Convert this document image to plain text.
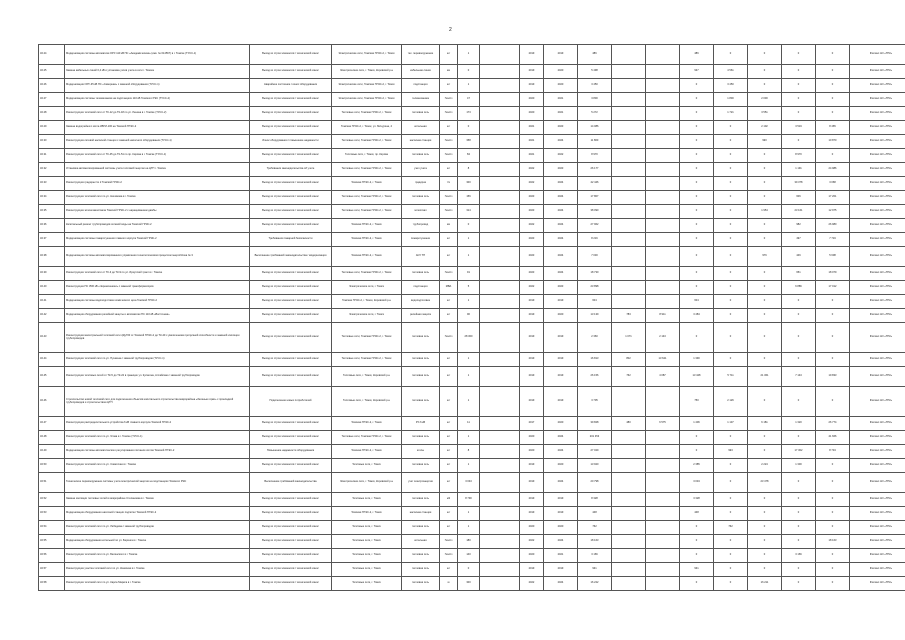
2
32.24	Модернизация системы автоматики ОРУ-110 кВ ПС «Академическая» (инв. № 014567) в г. Томске (ТУСС-1)	Выход из строя элементов / технический износ	Электрические сети, Томская ГРЭС-2, г. Томск	тех. перевооружение	шт	1		2019	2019	486			486	0	0	0	0	Филиал АО «ТРК»
32.25	Замена кабельных линий 0,4 кВ и установка узлов учета в сети г. Томска	Выход из строя элементов / технический износ	Электрические сети, г. Томск, Кировский р-н	кабельная линия	км	0		2019	2020	5 498			937	4 561	0	0	0	Филиал АО «ТРК»
32.26	Модернизация ОРУ-35 кВ ПС «Северная» с заменой оборудования (ТУСС-1)	Аварийное состояние / износ оборудования	Электрические сети, Томская ГРЭС-2, г. Томск	подстанция	шт	1		2019	2020	3 450			0	3 450	0	0	0	Филиал АО «ТРК»
32.27	Модернизация системы телемеханики на подстанциях 110 кВ Томского РЭС (ТУСС-2)	Выход из строя элементов / технический износ	Электрические сети, Томская ГРЭС-2, г. Томск	телемеханика	Гкал/ч	47		2020	2021	3 800			0	1 800	2 000	0	0	Филиал АО «ТРК»
32.28	Реконструкция тепловой сети от ТК-12 до ТК-18 по ул. Ленина в г. Томске (ТУСС-2)	Выход из строя элементов / технический износ	Тепловые сети, Томская ГРЭС-2, г. Томск	тепловая сеть	Гкал/ч	173		2020	2021	5 272			0	1 721	3 551	0	0	Филиал АО «ТРК»
32.29	Замена водогрейного котла КВГМ-100 на Томской ГРЭС-2	Выход из строя элементов / технический износ	Томская ГРЭС-2, г. Томск, ул. Мичурина, 4	котельная	шт	0		2021	2023	14 086			0	0	2 102	3 519	8 465	Филиал АО «ТРК»
32.30	Реконструкция сетевой насосной станции с заменой насосного оборудования (ТУСС-1)	Износ оборудования / повышение надежности	Тепловые сети, Томская ГРЭС-2, г. Томск	насосная станция	Гкал/ч	358		2021	2024	11 860			0	0	990	0	10 870	Филиал АО «ТРК»
32.31	Реконструкция тепловой сети от ТК-45 до ТК-51 по пр. Кирова в г. Томске (ТУСС-1)	Выход из строя элементов / технический износ	Тепловые сети, г. Томск, пр. Кирова	тепловая сеть	Гкал/ч	84		2021	2022	8 970			0	0	0	8 970	0	Филиал АО «ТРК»
32.32	Установка автоматизированной системы учета тепловой энергии на ЦТП г. Томска	Требования законодательства об учете	Тепловые сети, Томская ГРЭС-2, г. Томск	узел учета	шт	8		2022	2023	26 177			0	0	0	1 191	24 986	Филиал АО «ТРК»
32.33	Реконструкция градирни № 2 Томской ГРЭС-2	Выход из строя элементов / технический износ	Томская ГРЭС-2, г. Томск	градирня	т/ч	300		2022	2024	42 446			0	0	0	39 378	3 068	Филиал АО «ТРК»
32.34	Реконструкция тепловой сети по ул. Нахимова в г. Томске	Выход из строя элементов / технический износ	Тепловые сети, Томская ГРЭС-2, г. Томск	тепловая сеть	Гкал/ч	156		2023	2024	17 807			0	0	0	606	17 201	Филиал АО «ТРК»
32.35	Реконструкция золошлакоотвала Томской ГРЭС-2 с наращиванием дамбы	Выход из строя элементов / технический износ	Тепловые сети, Томская ГРЭС-2, г. Томск	золоотвал	Гкал/ч	314		2023	2024	38 090			0	0	1 954	23 161	12 975	Филиал АО «ТРК»
32.36	Капитальный ремонт трубопроводов сетевой воды на Томской ГРЭС-2	Выход из строя элементов / технический износ	Томская ГРЭС-2, г. Томск	трубопровод	км	0		2022	2024	27 962			0	0	0	982	26 980	Филиал АО «ТРК»
32.37	Модернизация системы пожаротушения главного корпуса Томской ГРЭС-2	Требования пожарной безопасности	Томская ГРЭС-2, г. Томск	пожаротушение	шт	1		2023	2024	8 216			0	0	0	497	7 719	Филиал АО «ТРК»
32.38	Модернизация системы автоматизированного управления технологическим процессом энергоблока № 3	Выполнение требований законодательства / модернизация	Томская ГРЭС-2, г. Томск	АСУ ТП	шт	1		2023	2024	7 030			0	0	976	446	5 608	Филиал АО «ТРК»
32.39	Реконструкция тепловой сети от ТК-3 до ТК-9 по ул. Иркутский тракт в г. Томске	Выход из строя элементов / технический износ	Тепловые сети, Томская ГРЭС-2, г. Томск	тепловая сеть	Гкал/ч	91		2023	2024	18 730			0	0	0	651	18 079	Филиал АО «ТРК»
32.40	Реконструкция ПС 35/6 кВ «Черемошники» с заменой трансформаторов	Выход из строя элементов / технический износ	Электрические сети, г. Томск	подстанция	МВА	5		2022	2023	23 898			0	0	0	6 886	17 012	Филиал АО «ТРК»
32.41	Модернизация системы водоподготовки химического цеха Томской ГРЭС-2	Выход из строя элементов / технический износ	Томская ГРЭС-2, г. Томск, Кировский р-н	водоподготовка	шт	1		2019	2019	604			604	0	0	0	0	Филиал АО «ТРК»
32.42	Модернизация оборудования релейной защиты и автоматики ПС 110 кВ «Восточная»	Выход из строя элементов / технический износ	Электрические сети, г. Томск	релейная защита	шт	90		2019	2020	13 139	783	8 911	3 484	0	0	0	0	Филиал АО «ТРК»
32.43	Реконструкция магистральной тепловой сети 2Ду700 от Томской ГРЭС-2 до ТК-40 с увеличением пропускной способности и заменой изоляции трубопроводов	Выход из строя элементов / технический износ	Тепловые сети, Томская ГРЭС-2, г. Томск	тепловая сеть	Гкал/ч	28 300		2019	2019	2 360	1 071	2 143	0	0	0	0	0	Филиал АО «ТРК»
32.44	Реконструкция тепловой сети по ул. Пушкина с заменой трубопроводов (ТУСС-1)	Выход из строя элементов / технический износ	Тепловые сети, Томская ГРЭС-2, г. Томск	тепловая сеть	шт	1		2019	2019	16 813	802	13 621	1 390	0	0	0	0	Филиал АО «ТРК»
32.45	Реконструкция тепловых сетей от ТК-5 до ТК-22 в границах ул. Кулагина, Алтайская с заменой трубопроводов	Выход из строя элементов / технический износ	Тепловые сети, г. Томск, Кировский р-н	тепловая сеть	шт	1		2019	2019	26 156	762	4 087	13 428	5 711	21 361	7 143	19 833	Филиал АО «ТРК»
32.46	Строительство новой тепловой сети для подключения объектов капитального строительства микрорайона «Зеленые горки» с прокладкой трубопроводов и строительством ЦТП	Подключение новых потребителей	Тепловые сети, г. Томск, Кировский р-н	тепловая сеть	шт	1		2019	2019	3 705			750	2 126	0	0	0	Филиал АО «ТРК»
32.47	Реконструкция распределительного устройства 6 кВ главного корпуса Томской ГРЭС-2	Выход из строя элементов / технический износ	Томская ГРЭС-2, г. Томск	РУ-6 кВ	шт	11		2017	2020	39 828	480	6 575	1 406	1 137	6 181	1 320	26 774	Филиал АО «ТРК»
32.48	Реконструкция тепловой сети по ул. Усова в г. Томске (ТУСС-1)	Выход из строя элементов / технический износ	Тепловые сети, Томская ГРЭС-2, г. Томск	тепловая сеть	шт	1		2020	2024	201 453			0	0	0	0	41 666	Филиал АО «ТРК»
32.49	Модернизация системы автоматического регулирования питания котлов Томской ГРЭС-2	Повышение надежности оборудования	Томская ГРЭС-2, г. Томск	котлы	шт	8		2020	2024	27 029			0	993	0	17 302	8 734	Филиал АО «ТРК»
32.50	Реконструкция тепловой сети по ул. Советская в г. Томске	Выход из строя элементов / технический износ	Тепловые сети, г. Томск	тепловая сеть	шт	1		2019	2020	13 920			2 385	0	2 224	1 300	0	Филиал АО «ТРК»
32.51	Техническое перевооружение системы учета электрической энергии на подстанциях Томского РЭС	Выполнение требований законодательства	Электрические сети, г. Томск, Кировский р-н	учет электроэнергии	шт	3 043		2019	2024	20 798			3 034	0	23 478	0	0	Филиал АО «ТРК»
32.52	Замена изоляции тепловых сетей в микрорайоне Степановка в г. Томске	Выход из строя элементов / технический износ	Тепловые сети, г. Томск	тепловая сеть	м3	8 790		2019	2019	8 328			3 328	0	0	0	0	Филиал АО «ТРК»
32.53	Модернизация оборудования насосной станции подпитки Томской ГРЭС-2	Выход из строя элементов / технический износ	Томская ГРЭС-2, г. Томск	насосная станция	шт	1		2019	2019	448			448	0	0	0	0	Филиал АО «ТРК»
32.54	Реконструкция тепловой сети по ул. Лебедева с заменой трубопроводов	Выход из строя элементов / технический износ	Тепловые сети, г. Томск	тепловая сеть	шт	1		2020	2020	762			0	762	0	0	0	Филиал АО «ТРК»
32.55	Модернизация оборудования котельной по ул. Беринга в г. Томске	Выход из строя элементов / технический износ	Тепловые сети, г. Томск	котельная	Гкал/ч	180		2022	2024	18 163			0	0	0	0	18 163	Филиал АО «ТРК»
32.56	Реконструкция тепловой сети по ул. Белинского в г. Томске	Выход из строя элементов / технический износ	Тепловые сети, г. Томск	тепловая сеть	Гкал/ч	140		2020	2021	3 166			0	0	0	3 166	0	Филиал АО «ТРК»
32.57	Реконструкция участка тепловой сети по ул. Киевская в г. Томске	Выход из строя элементов / технический износ	Тепловые сети, г. Томск	тепловая сеть	шт	0		2019	2019	931			931	0	0	0	0	Филиал АО «ТРК»
32.58	Реконструкция тепловой сети по ул. Карла Маркса в г. Томске	Выход из строя элементов / технический износ	Тепловые сети, г. Томск	тепловая сеть	м	300		2022	2024	16 222			0	0	16 211	0	0	Филиал АО «ТРК»
